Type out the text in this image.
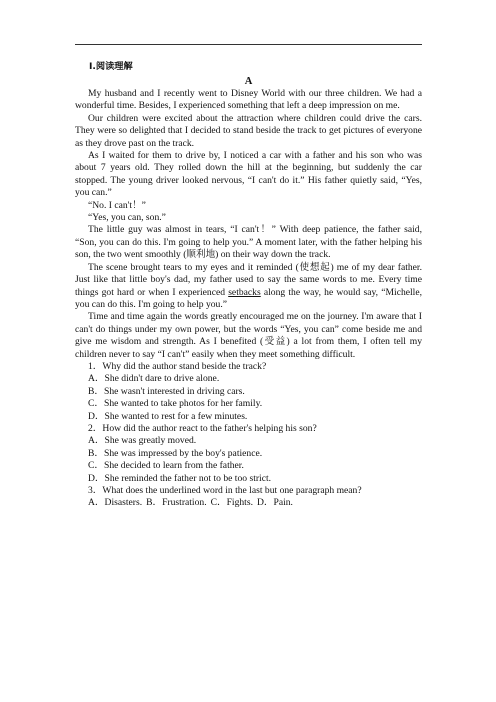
Ⅰ.阅读理解
A

My husband and I recently went to Disney World with our three children. We had a wonderful time. Besides, I experienced something that left a deep impression on me.

Our children were excited about the attraction where children could drive the cars. They were so delighted that I decided to stand beside the track to get pictures of everyone as they drove past on the track.

As I waited for them to drive by, I noticed a car with a father and his son who was about 7 years old. They rolled down the hill at the beginning, but suddenly the car stopped. The young driver looked nervous, “I can't do it.” His father quietly said, “Yes, you can.”

“No. I can't！”

“Yes, you can, son.”

The little guy was almost in tears, “I can't！” With deep patience, the father said, “Son, you can do this. I'm going to help you.” A moment later, with the father helping his son, the two went smoothly (顺利地) on their way down the track.

The scene brought tears to my eyes and it reminded (使想起) me of my dear father. Just like that little boy's dad, my father used to say the same words to me. Every time things got hard or when I experienced setbacks along the way, he would say, “Michelle, you can do this. I'm going to help you.”

Time and time again the words greatly encouraged me on the journey. I'm aware that I can't do things under my own power, but the words “Yes, you can” come beside me and give me wisdom and strength. As I benefited (受益) a lot from them, I often tell my children never to say “I can't” easily when they meet something difficult.

1．Why did the author stand beside the track?

A．She didn't dare to drive alone.

B．She wasn't interested in driving cars.

C．She wanted to take photos for her family.

D．She wanted to rest for a few minutes.

2．How did the author react to the father's helping his son?

A．She was greatly moved.

B．She was impressed by the boy's patience.

C．She decided to learn from the father.

D．She reminded the father not to be too strict.

3．What does the underlined word in the last but one paragraph mean?

A．Disasters. B．Frustration. C．Fights. D．Pain.
